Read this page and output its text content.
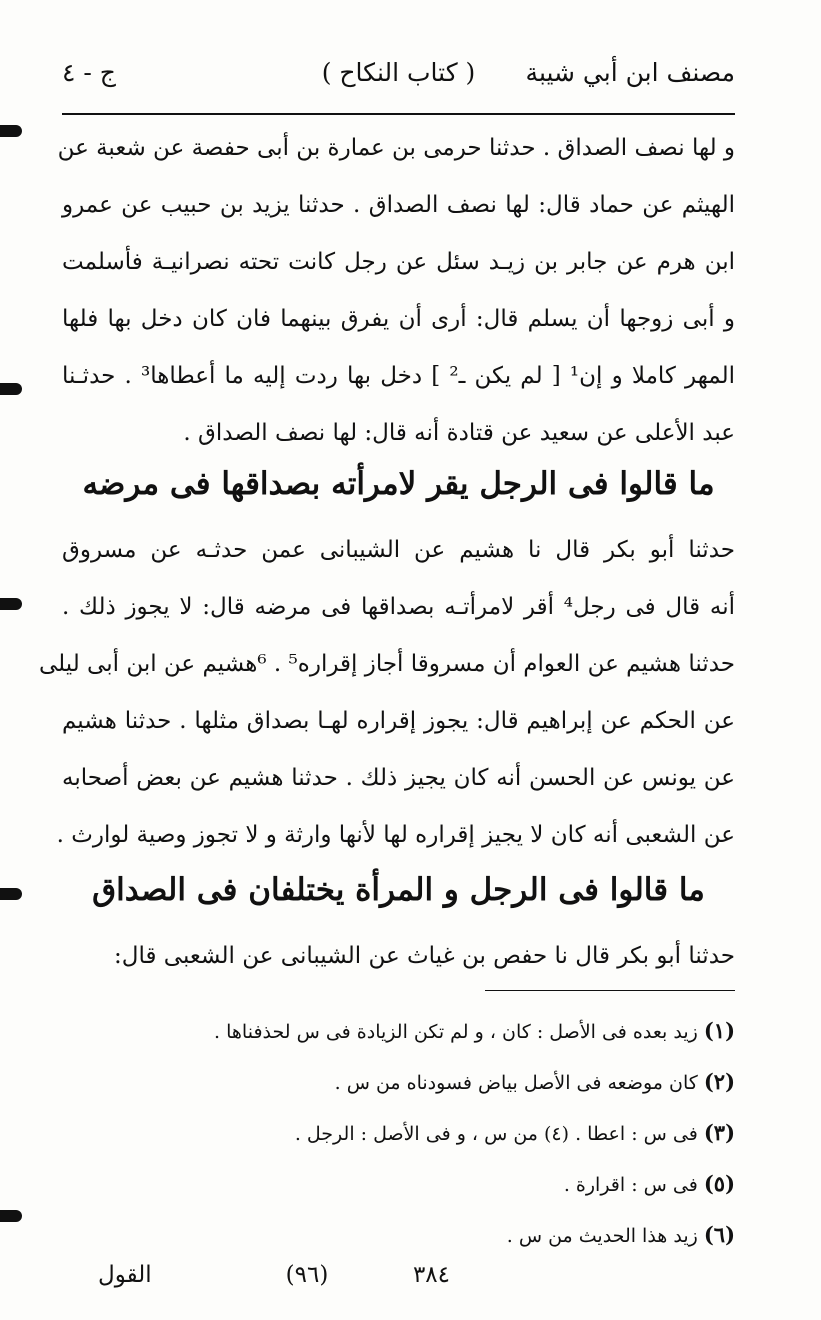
مصنف ابن أبي شيبة
( كتاب النكاح )
ج - ٤
و لها نصف الصداق . حدثنا حرمى بن عمارة بن أبى حفصة عن شعبة عن
الهيثم عن حماد قال: لها نصف الصداق . حدثنا يزيد بن حبيب عن عمرو
ابن هرم عن جابر بن زيـد سئل عن رجل كانت تحته نصرانيـة فأسلمت
و أبى زوجها أن يسلم قال: أرى أن يفرق بينهما فان كان دخل بها فلها
المهر كاملا و إن¹ [ لم يكن ـ² ] دخل بها ردت إليه ما أعطاها³ . حدثـنا
عبد الأعلى عن سعيد عن قتادة أنه قال: لها نصف الصداق .
ما قالوا فى الرجل يقر لامرأته بصداقها فى مرضه
حدثنا أبو بكر قال نا هشيم عن الشيبانى عمن حدثـه عن مسروق
أنه قال فى رجل⁴ أقر لامرأتـه بصداقها فى مرضه قال: لا يجوز ذلك .
حدثنا هشيم عن العوام أن مسروقا أجاز إقراره⁵ . ⁶هشيم عن ابن أبى ليلى
عن الحكم عن إبراهيم قال: يجوز إقراره لهـا بصداق مثلها . حدثنا هشيم
عن يونس عن الحسن أنه كان يجيز ذلك . حدثنا هشيم عن بعض أصحابه
عن الشعبى أنه كان لا يجيز إقراره لها لأنها وارثة و لا تجوز وصية لوارث .
ما قالوا فى الرجل و المرأة يختلفان فى الصداق
حدثنا أبو بكر قال نا حفص بن غياث عن الشيبانى عن الشعبى قال:
(١) زيد بعده فى الأصل : كان ، و لم تكن الزيادة فى س لحذفناها .
(٢) كان موضعه فى الأصل بياض فسودناه من س .
(٣) فى س : اعطا . (٤) من س ، و فى الأصل : الرجل .
(٥) فى س : اقرارة .
(٦) زيد هذا الحديث من س .
٣٨٤
(٩٦)
القول
